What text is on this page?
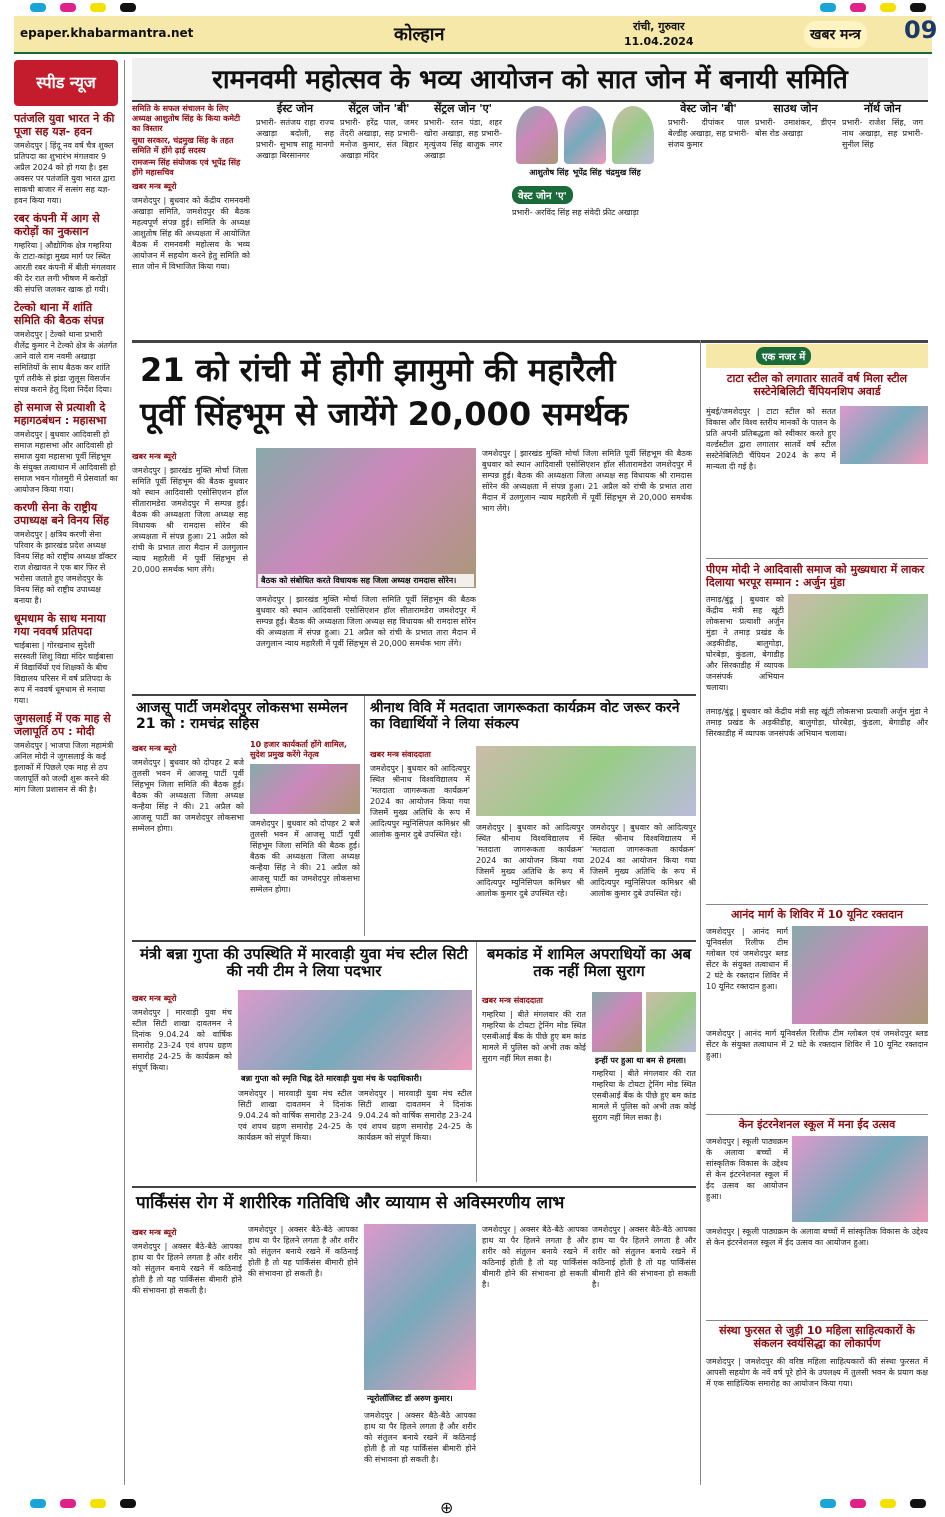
epaper.khabarmantra.net	कोल्हान	रांची, गुरुवार
11.04.2024	खबर मन्त्र 09
स्पीड न्यूज
पतंजलि युवा भारत ने की पूजा सह यज्ञ- हवन
जमशेदपुर | हिंदू नव वर्ष चैत्र शुक्ल प्रतिपदा का शुभारंभ मंगलवार 9 अप्रैल 2024 को हो गया है। इस अवसर पर पतंजलि युवा भारत द्वारा साकची बाजार में सत्संग सह यज्ञ- हवन किया गया।
रबर कंपनी में आग से करोड़ों का नुकसान
गम्हरिया | औद्योगिक क्षेत्र गम्हरिया के टाटा-कांड्रा मुख्य मार्ग पर स्थित आरती रबर कंपनी में बीती मंगलवार की देर रात लगी भीषण में करोड़ों की संपत्ति जलकर खाक हो गयी।
टेल्को थाना में शांति समिति की बैठक संपन्न
जमशेदपुर | टेल्को थाना प्रभारी शैलेंद्र कुमार ने टेल्को क्षेत्र के अंतर्गत आने वाले राम नवमी अखाड़ा समितियों के साथ बैठक कर शांति पूर्ण तरीके से झंडा जुलूस विसर्जन संपन्न कराने हेतु दिशा निर्देश दिया।
हो समाज से प्रत्याशी दे महागठबंधन : महासभा
जमशेदपुर | बुधवार आदिवासी हो समाज महासभा और आदिवासी हो समाज युवा महासभा पूर्वी सिंहभूम के संयुक्त तत्वाधान में आदिवासी हो समाज भवन गोलमुरी में प्रेसवार्ता का आयोजन किया गया।
करणी सेना के राष्ट्रीय उपाध्यक्ष बने विनय सिंह
जमशेदपुर | क्षत्रिय करणी सेना परिवार के झारखंड प्रदेश अध्यक्ष विनय सिंह को राष्ट्रीय अध्यक्ष डॉक्टर राज शेखावत ने एक बार फिर से भरोसा जताते हुए जमशेदपुर के विनय सिंह को राष्ट्रीय उपाध्यक्ष बनाया है।
धूमधाम के साथ मनाया गया नववर्ष प्रतिपदा
चाईबासा | गोरखनाथ सुदेशी सरस्वती शिशु विद्या मंदिर चाईबासा में विद्यार्थियों एवं शिक्षकों के बीच विद्यालय परिसर में वर्ष प्रतिपदा के रूप में नववर्ष धूमधाम से मनाया गया।
जुगसलाई में एक माह से जलापूर्ति ठप : मोदी
जमशेदपुर | भाजपा जिला महामंत्री अनिल मोदी ने जुगसलाई के कई इलाकों में पिछले एक माह से ठप जलापूर्ति को जल्दी शुरू करने की मांग जिला प्रशासन से की है।
रामनवमी महोत्सव के भव्य आयोजन को सात जोन में बनायी समिति
समिति के सफल संचालन के लिए अध्यक्ष आशुतोष सिंह के किया कमेटी का विस्तार
सुधा सरकार, चंद्रमुख सिंह के तहत समिति में होंगे ढ़ाई सदस्य
रामजन्म सिंह संयोजक एवं भूपेंद्र सिंह होंगे महासचिव
खबर मन्त्र ब्यूरो
जमशेदपुर | बुधवार को केंद्रीय रामनवमी अखाड़ा समिति, जमशेदपुर की बैठक महत्वपूर्ण संपन्न हुई। समिति के अध्यक्ष आशुतोष सिंह की अध्यक्षता में आयोजित बैठक में रामनवमी महोत्सव के भव्य आयोजन में सहयोग करने हेतु समिति को सात जोन में विभाजित किया गया।
ईस्ट जोन
प्रभारी- सतंजय राहा राज्य अखाड़ा बदोली, सह प्रभारी- सुभाष साहू मानगो अखाड़ा बिरसानगर
सेंट्रल जोन 'बी'
प्रभारी- हरेंद्र पाल, जमर तेंदरी अखाड़ा, सह प्रभारी- मनोज कुमार, संत बिहार अखाड़ा मंदिर
सेंट्रल जोन 'ए'
प्रभारी- रतन पंडा, शहर खोरा अखाड़ा, सह प्रभारी- मृत्युंजय सिंह बाजुक नगर अखाड़ा
आशुतोष सिंह भूपेंद्र सिंह चंद्रमुख सिंह
वेस्ट जोन 'ए'
प्रभारी- अरविंद सिंह सह संवेदी फ्रीट अखाड़ा
वेस्ट जोन 'बी'
प्रभारी- दीपांकर पाल बेल्डीह अखाड़ा, सह प्रभारी- संजय कुमार
साउथ जोन
प्रभारी- उमाशंकर, डीएन बोस रोड अखाड़ा
नॉर्थ जोन
प्रभारी- राजेश सिंह, जग नाथ अखाड़ा, सह प्रभारी- सुनील सिंह
21 को रांची में होगी झामुमो की महारैली
पूर्वी सिंहभूम से जायेंगे 20,000 समर्थक
खबर मन्त्र ब्यूरो
जमशेदपुर | झारखंड मुक्ति मोर्चा जिला समिति पूर्वी सिंहभूम की बैठक बुधवार को स्थान आदिवासी एसोसिएशन हॉल सीतारामडेरा जमशेदपुर में सम्पन्न हुई। बैठक की अध्यक्षता जिला अध्यक्ष सह विधायक श्री रामदास सोरेन की अध्यक्षता में संपन्न हुआ। 21 अप्रैल को रांची के प्रभात तारा मैदान में उलगुलान न्याय महारैली में पूर्वी सिंहभूम से 20,000 समर्थक भाग लेंगे।
बैठक को संबोधित करते विधायक सह जिला अध्यक्ष रामदास सोरेन।
जमशेदपुर | झारखंड मुक्ति मोर्चा जिला समिति पूर्वी सिंहभूम की बैठक बुधवार को स्थान आदिवासी एसोसिएशन हॉल सीतारामडेरा जमशेदपुर में सम्पन्न हुई। बैठक की अध्यक्षता जिला अध्यक्ष सह विधायक श्री रामदास सोरेन की अध्यक्षता में संपन्न हुआ। 21 अप्रैल को रांची के प्रभात तारा मैदान में उलगुलान न्याय महारैली में पूर्वी सिंहभूम से 20,000 समर्थक भाग लेंगे।
जमशेदपुर | झारखंड मुक्ति मोर्चा जिला समिति पूर्वी सिंहभूम की बैठक बुधवार को स्थान आदिवासी एसोसिएशन हॉल सीतारामडेरा जमशेदपुर में सम्पन्न हुई। बैठक की अध्यक्षता जिला अध्यक्ष सह विधायक श्री रामदास सोरेन की अध्यक्षता में संपन्न हुआ। 21 अप्रैल को रांची के प्रभात तारा मैदान में उलगुलान न्याय महारैली में पूर्वी सिंहभूम से 20,000 समर्थक भाग लेंगे।
एक नजर में
टाटा स्टील को लगातार सातवें वर्ष मिला स्टील सस्टेनेबिलिटी चैंपियनशिप अवार्ड
मुंबई/जमशेदपुर | टाटा स्टील को सतत विकास और विश्व स्तरीय मानकों के पालन के प्रति अपनी प्रतिबद्धता को स्वीकार करते हुए वर्ल्डस्टील द्वारा लगातार सातवें वर्ष स्टील सस्टेनेबिलिटी चैंपियन 2024 के रूप में मान्यता दी गई है।
पीएम मोदी ने आदिवासी समाज को मुख्यधारा में लाकर दिलाया भरपूर सम्मान : अर्जुन मुंडा
तमाड़/बुंडू | बुधवार को केंद्रीय मंत्री सह खूंटी लोकसभा प्रत्याशी अर्जुन मुंडा ने तमाड़ प्रखंड के अड़कीडीह, बालुगोड़ा, घोरबेड़ा, कुंडला, बेगाडीह और सिरकाडीह में व्यापक जनसंपर्क अभियान चलाया।
तमाड़/बुंडू | बुधवार को केंद्रीय मंत्री सह खूंटी लोकसभा प्रत्याशी अर्जुन मुंडा ने तमाड़ प्रखंड के अड़कीडीह, बालुगोड़ा, घोरबेड़ा, कुंडला, बेगाडीह और सिरकाडीह में व्यापक जनसंपर्क अभियान चलाया।
आनंद मार्ग के शिविर में 10 यूनिट रक्तदान
जमशेदपुर | आनंद मार्ग यूनिवर्सल रिलीफ टीम ग्लोबल एवं जमशेदपुर ब्लड सेंटर के संयुक्त तत्वाधान में 2 घंटे के रक्तदान शिविर में 10 यूनिट रक्तदान हुआ।
जमशेदपुर | आनंद मार्ग यूनिवर्सल रिलीफ टीम ग्लोबल एवं जमशेदपुर ब्लड सेंटर के संयुक्त तत्वाधान में 2 घंटे के रक्तदान शिविर में 10 यूनिट रक्तदान हुआ।
केन इंटरनेशनल स्कूल में मना ईद उत्सव
जमशेदपुर | स्कूली पाठ्यक्रम के अलावा बच्चों में सांस्कृतिक विकास के उद्देश्य से केन इंटरनेशनल स्कूल में ईद उत्सव का आयोजन हुआ।
जमशेदपुर | स्कूली पाठ्यक्रम के अलावा बच्चों में सांस्कृतिक विकास के उद्देश्य से केन इंटरनेशनल स्कूल में ईद उत्सव का आयोजन हुआ।
संस्था फुरसत से जुड़ी 10 महिला साहित्यकारों के संकलन स्वयंसिद्धा का लोकार्पण
जमशेदपुर | जमशेदपुर की वरिष्ठ महिला साहित्यकारों की संस्था फुरसत में आपसी सहयोग के नवें वर्ष पूरे होने के उपलक्ष्य में तुलसी भवन के प्रयाग कक्ष में एक साहित्यिक समारोह का आयोजन किया गया।
आजसू पार्टी जमशेदपुर लोकसभा सम्मेलन 21 को : रामचंद्र सहिस
खबर मन्त्र ब्यूरो
जमशेदपुर | बुधवार को दोपहर 2 बजे तुलसी भवन में आजसू पार्टी पूर्वी सिंहभूम जिला समिति की बैठक हुई। बैठक की अध्यक्षता जिला अध्यक्ष कन्हैया सिंह ने की। 21 अप्रैल को आजसू पार्टी का जमशेदपुर लोकसभा सम्मेलन होगा।
10 हजार कार्यकर्ता होंगे शामिल, सुदेश प्रमुख करेंगे नेतृत्व
जमशेदपुर | बुधवार को दोपहर 2 बजे तुलसी भवन में आजसू पार्टी पूर्वी सिंहभूम जिला समिति की बैठक हुई। बैठक की अध्यक्षता जिला अध्यक्ष कन्हैया सिंह ने की। 21 अप्रैल को आजसू पार्टी का जमशेदपुर लोकसभा सम्मेलन होगा।
श्रीनाथ विवि में मतदाता जागरूकता कार्यक्रम वोट जरूर करने का विद्यार्थियों ने लिया संकल्प
खबर मन्त्र संवाददाता
जमशेदपुर | बुधवार को आदित्यपुर स्थित श्रीनाथ विश्वविद्यालय में 'मतदाता जागरूकता कार्यक्रम' 2024 का आयोजन किया गया जिसमें मुख्य अतिथि के रूप में आदित्यपुर म्युनिसिपल कमिश्नर श्री आलोक कुमार दुबे उपस्थित रहे।
जमशेदपुर | बुधवार को आदित्यपुर स्थित श्रीनाथ विश्वविद्यालय में 'मतदाता जागरूकता कार्यक्रम' 2024 का आयोजन किया गया जिसमें मुख्य अतिथि के रूप में आदित्यपुर म्युनिसिपल कमिश्नर श्री आलोक कुमार दुबे उपस्थित रहे।
जमशेदपुर | बुधवार को आदित्यपुर स्थित श्रीनाथ विश्वविद्यालय में 'मतदाता जागरूकता कार्यक्रम' 2024 का आयोजन किया गया जिसमें मुख्य अतिथि के रूप में आदित्यपुर म्युनिसिपल कमिश्नर श्री आलोक कुमार दुबे उपस्थित रहे।
मंत्री बन्ना गुप्ता की उपस्थिति में मारवाड़ी युवा मंच स्टील सिटी की नयी टीम ने लिया पदभार
खबर मन्त्र ब्यूरो
जमशेदपुर | मारवाड़ी युवा मंच स्टील सिटी शाखा दावतमन ने दिनांक 9.04.24 को वार्षिक समारोह 23-24 एवं शपथ ग्रहण समारोह 24-25 के कार्यक्रम को संपूर्ण किया।
बन्ना गुप्ता को स्मृति चिह्न देते मारवाड़ी युवा मंच के पदाधिकारी।
जमशेदपुर | मारवाड़ी युवा मंच स्टील सिटी शाखा दावतमन ने दिनांक 9.04.24 को वार्षिक समारोह 23-24 एवं शपथ ग्रहण समारोह 24-25 के कार्यक्रम को संपूर्ण किया।
जमशेदपुर | मारवाड़ी युवा मंच स्टील सिटी शाखा दावतमन ने दिनांक 9.04.24 को वार्षिक समारोह 23-24 एवं शपथ ग्रहण समारोह 24-25 के कार्यक्रम को संपूर्ण किया।
बमकांड में शामिल अपराधियों का अब तक नहीं मिला सुराग
खबर मन्त्र संवाददाता
गम्हरिया | बीते मंगलवार की रात गम्हरिया के टोयटा ट्रेनिंग मोड स्थित एसबीआई बैंक के पीछे हुए बम कांड मामले में पुलिस को अभी तक कोई सुराग नहीं मिल सका है।	इन्हीं पर हुआ था बम से हमला।
गम्हरिया | बीते मंगलवार की रात गम्हरिया के टोयटा ट्रेनिंग मोड स्थित एसबीआई बैंक के पीछे हुए बम कांड मामले में पुलिस को अभी तक कोई सुराग नहीं मिल सका है।
पार्किंसंस रोग में शारीरिक गतिविधि और व्यायाम से अविस्मरणीय लाभ
खबर मन्त्र ब्यूरो
जमशेदपुर | अक्सर बैठे-बैठे आपका हाथ या पैर हिलने लगता है और शरीर को संतुलन बनाये रखने में कठिनाई होती है तो यह पार्किंसंस बीमारी होने की संभावना हो सकती है।
जमशेदपुर | अक्सर बैठे-बैठे आपका हाथ या पैर हिलने लगता है और शरीर को संतुलन बनाये रखने में कठिनाई होती है तो यह पार्किंसंस बीमारी होने की संभावना हो सकती है।
न्यूरोलॉजिस्ट डॉ अरुण कुमार।
जमशेदपुर | अक्सर बैठे-बैठे आपका हाथ या पैर हिलने लगता है और शरीर को संतुलन बनाये रखने में कठिनाई होती है तो यह पार्किंसंस बीमारी होने की संभावना हो सकती है।
जमशेदपुर | अक्सर बैठे-बैठे आपका हाथ या पैर हिलने लगता है और शरीर को संतुलन बनाये रखने में कठिनाई होती है तो यह पार्किंसंस बीमारी होने की संभावना हो सकती है।
जमशेदपुर | अक्सर बैठे-बैठे आपका हाथ या पैर हिलने लगता है और शरीर को संतुलन बनाये रखने में कठिनाई होती है तो यह पार्किंसंस बीमारी होने की संभावना हो सकती है।
⊕
